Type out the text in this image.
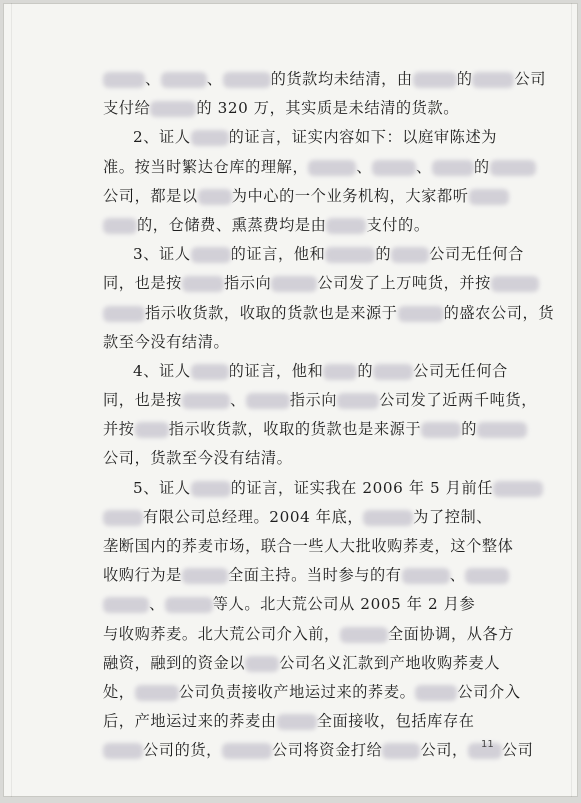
、	、	的货款均未结清，由	的	公司
支付给	的 320 万，其实质是未结清的货款。
2、证人	的证言，证实内容如下：以庭审陈述为
准。按当时繁达仓库的理解，	、	、	的
公司，都是以 为中心的一个业务机构，大家都听
的，仓储费、熏蒸费均是由	支付的。
3、证人	的证言，他和	的	公司无任何合
同，也是按	指示向	公司发了上万吨货，并按
指示收货款，收取的货款也是来源于	的盛农公司，货
款至今没有结清。
4、证人	的证言，他和 的	公司无任何合
同，也是按	、	指示向	公司发了近两千吨货，
并按 指示收货款，收取的货款也是来源于	的
公司，货款至今没有结清。
5、证人	的证言，证实我在 2006 年 5 月前任
有限公司总经理。2004 年底，	为了控制、
垄断国内的荞麦市场，联合一些人大批收购荞麦，这个整体
收购行为是	全面主持。当时参与的有	、
、	等人。北大荒公司从 2005 年 2 月参
与收购荞麦。北大荒公司介入前，	全面协调，从各方
融资，融到的资金以 公司名义汇款到产地收购荞麦人
处，	公司负责接收产地运过来的荞麦。	公司介入
后，产地运过来的荞麦由	全面接收，包括库存在
公司的货，	公司将资金打给	公司， 公司
11
